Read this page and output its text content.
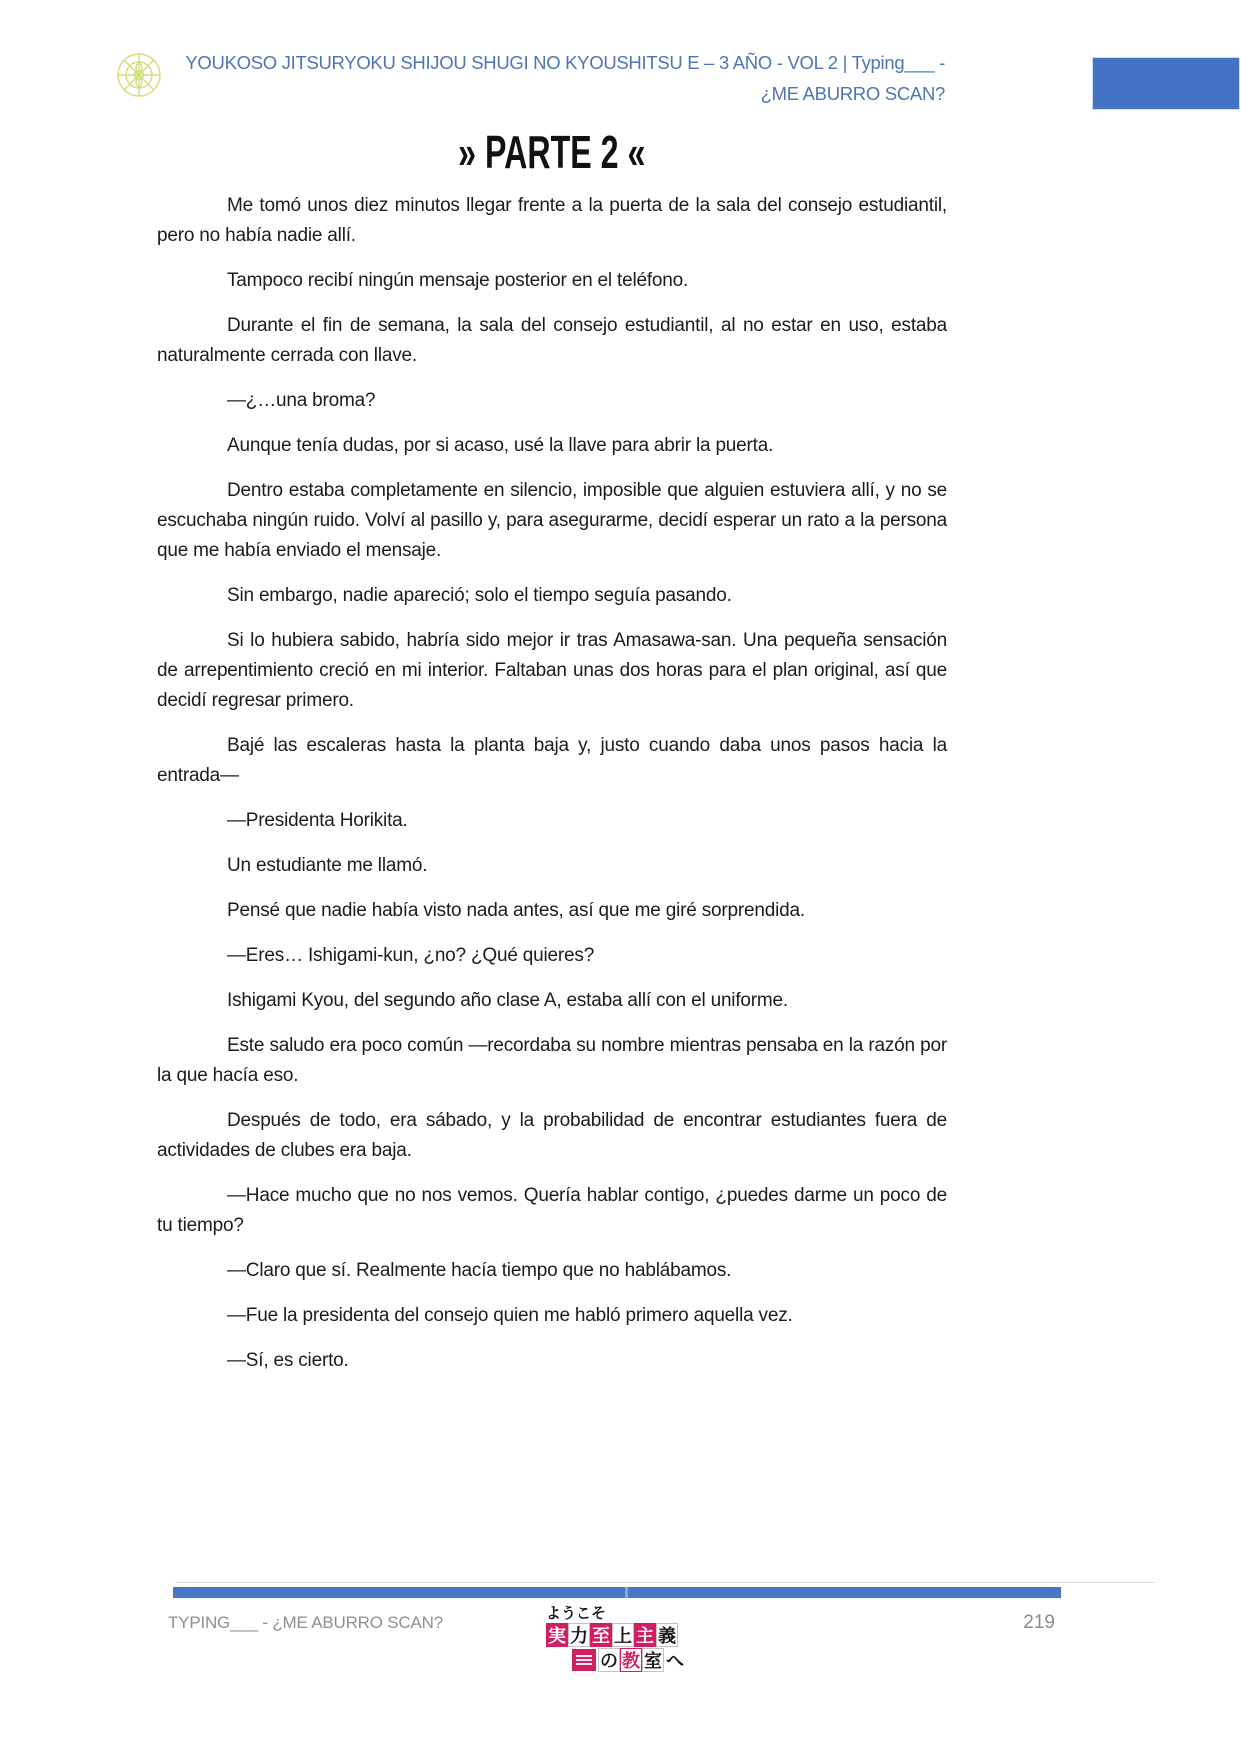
YOUKOSO JITSURYOKU SHIJOU SHUGI NO KYOUSHITSU E – 3 AÑO - VOL 2 | Typing___ - ¿ME ABURRO SCAN?
» PARTE 2 «

Me tomó unos diez minutos llegar frente a la puerta de la sala del consejo estudiantil, pero no había nadie allí.

Tampoco recibí ningún mensaje posterior en el teléfono.

Durante el fin de semana, la sala del consejo estudiantil, al no estar en uso, estaba naturalmente cerrada con llave.

—¿…una broma?

Aunque tenía dudas, por si acaso, usé la llave para abrir la puerta.

Dentro estaba completamente en silencio, imposible que alguien estuviera allí, y no se escuchaba ningún ruido. Volví al pasillo y, para asegurarme, decidí esperar un rato a la persona que me había enviado el mensaje.

Sin embargo, nadie apareció; solo el tiempo seguía pasando.

Si lo hubiera sabido, habría sido mejor ir tras Amasawa-san. Una pequeña sensación de arrepentimiento creció en mi interior. Faltaban unas dos horas para el plan original, así que decidí regresar primero.

Bajé las escaleras hasta la planta baja y, justo cuando daba unos pasos hacia la entrada—

—Presidenta Horikita.

Un estudiante me llamó.

Pensé que nadie había visto nada antes, así que me giré sorprendida.

—Eres… Ishigami-kun, ¿no? ¿Qué quieres?

Ishigami Kyou, del segundo año clase A, estaba allí con el uniforme.

Este saludo era poco común —recordaba su nombre mientras pensaba en la razón por la que hacía eso.

Después de todo, era sábado, y la probabilidad de encontrar estudiantes fuera de actividades de clubes era baja.

—Hace mucho que no nos vemos. Quería hablar contigo, ¿puedes darme un poco de tu tiempo?

—Claro que sí. Realmente hacía tiempo que no hablábamos.

—Fue la presidenta del consejo quien me habló primero aquella vez.

—Sí, es cierto.

TYPING___ - ¿ME ABURRO SCAN?	ようこそ
実 力 至 上 主 義
の 教 室 へ
219
